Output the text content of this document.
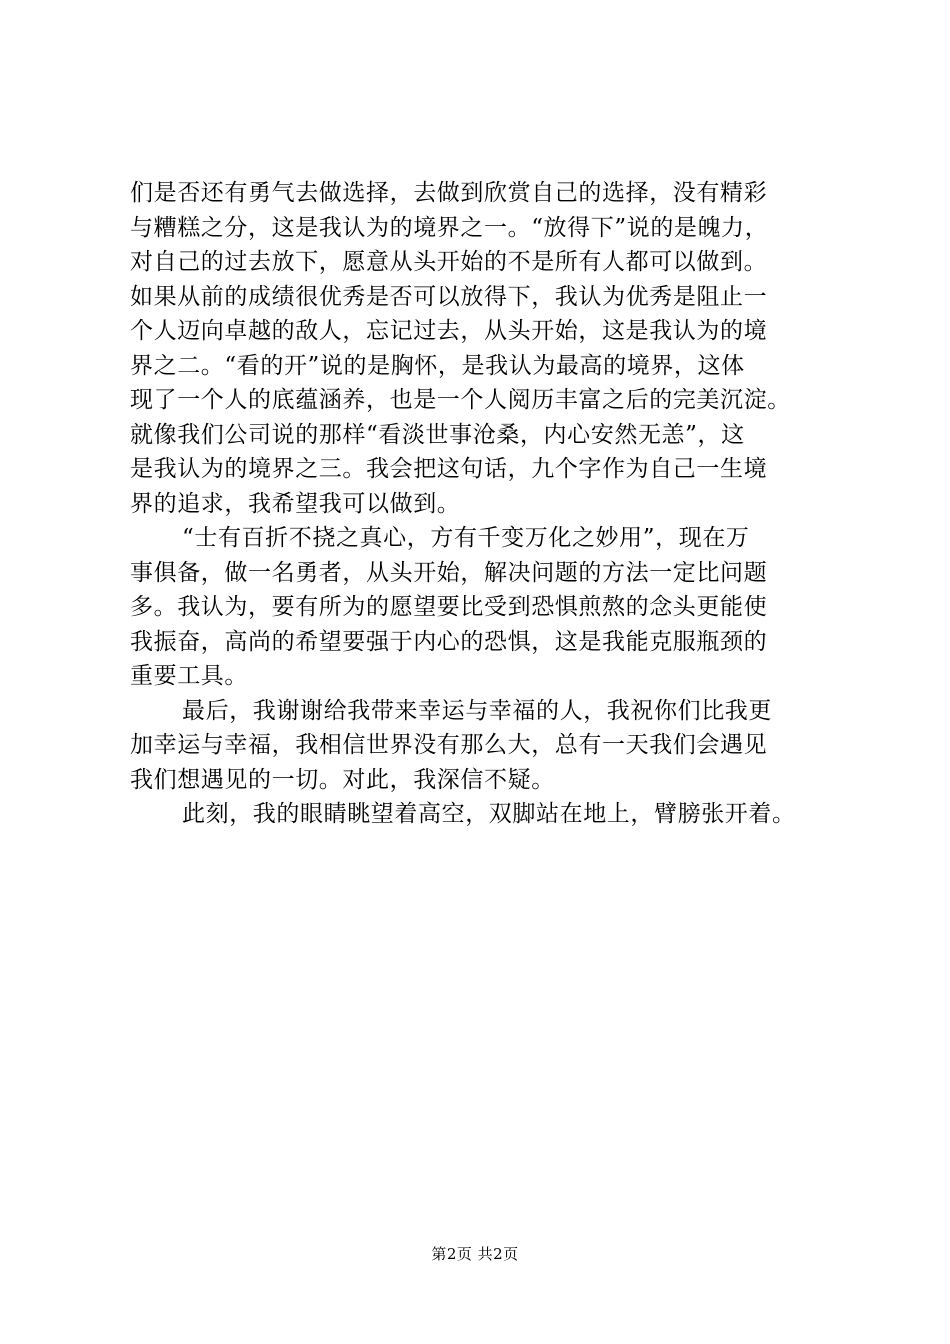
们是否还有勇气去做选择，去做到欣赏自己的选择，没有精彩
与糟糕之分，这是我认为的境界之一。“放得下”说的是魄力，
对自己的过去放下，愿意从头开始的不是所有人都可以做到。
如果从前的成绩很优秀是否可以放得下，我认为优秀是阻止一
个人迈向卓越的敌人，忘记过去，从头开始，这是我认为的境
界之二。“看的开”说的是胸怀，是我认为最高的境界，这体
现了一个人的底蕴涵养，也是一个人阅历丰富之后的完美沉淀。
就像我们公司说的那样“看淡世事沧桑，内心安然无恙”，这
是我认为的境界之三。我会把这句话，九个字作为自己一生境
界的追求，我希望我可以做到。
“士有百折不挠之真心，方有千变万化之妙用”，现在万
事俱备，做一名勇者，从头开始，解决问题的方法一定比问题
多。我认为，要有所为的愿望要比受到恐惧煎熬的念头更能使
我振奋，高尚的希望要强于内心的恐惧，这是我能克服瓶颈的
重要工具。
最后，我谢谢给我带来幸运与幸福的人，我祝你们比我更
加幸运与幸福，我相信世界没有那么大，总有一天我们会遇见
我们想遇见的一切。对此，我深信不疑。
此刻，我的眼睛眺望着高空，双脚站在地上，臂膀张开着。
第2页 共2页
